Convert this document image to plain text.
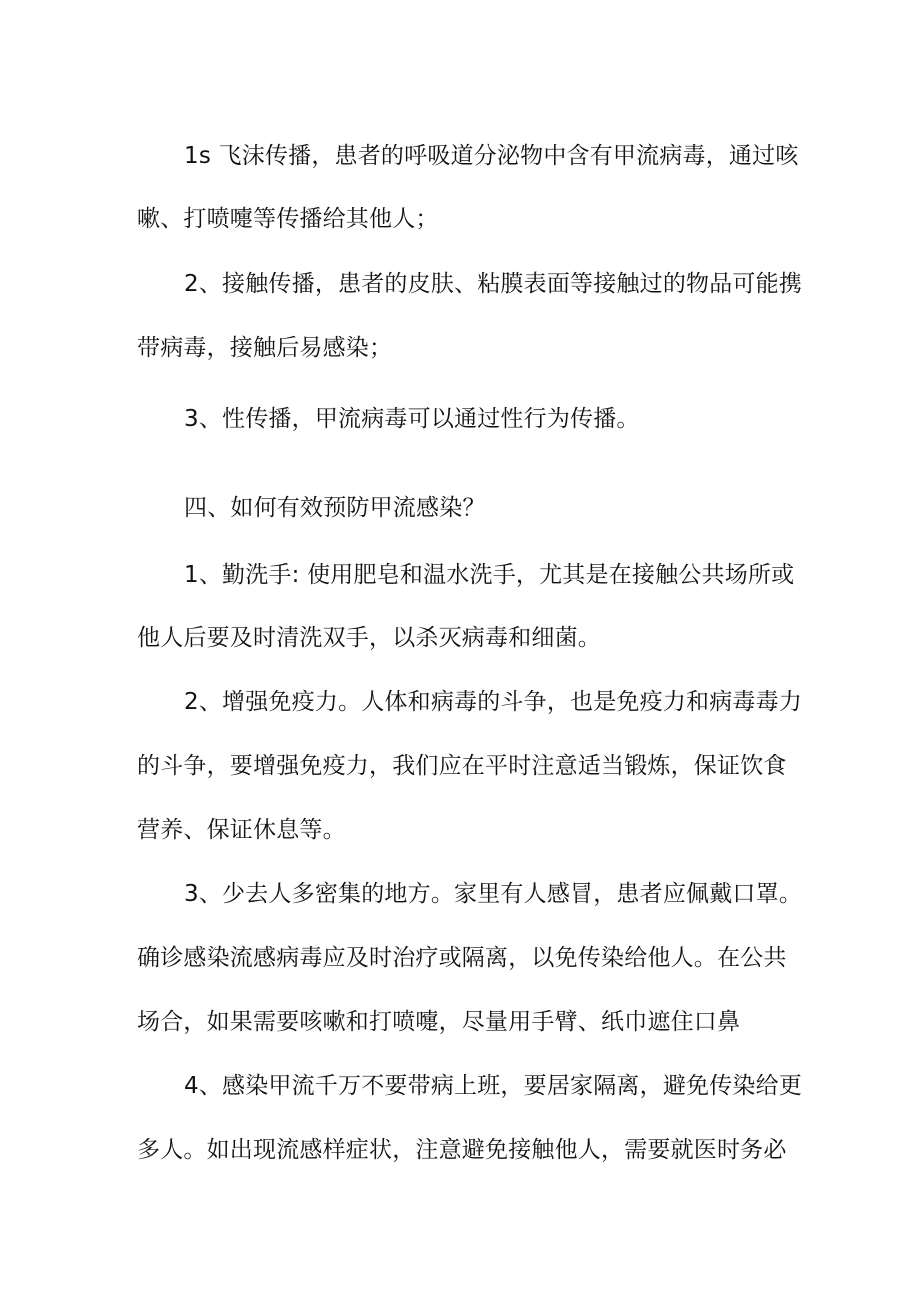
1s 飞沫传播，患者的呼吸道分泌物中含有甲流病毒，通过咳
嗽、打喷嚏等传播给其他人；
2、接触传播，患者的皮肤、粘膜表面等接触过的物品可能携
带病毒，接触后易感染；
3、性传播，甲流病毒可以通过性行为传播。
四、如何有效预防甲流感染？
1、勤洗手: 使用肥皂和温水洗手，尤其是在接触公共场所或
他人后要及时清洗双手，以杀灭病毒和细菌。
2、增强免疫力。人体和病毒的斗争，也是免疫力和病毒毒力
的斗争，要增强免疫力，我们应在平时注意适当锻炼，保证饮食
营养、保证休息等。
3、少去人多密集的地方。家里有人感冒，患者应佩戴口罩。
确诊感染流感病毒应及时治疗或隔离，以免传染给他人。在公共
场合，如果需要咳嗽和打喷嚏，尽量用手臂、纸巾遮住口鼻
4、感染甲流千万不要带病上班，要居家隔离，避免传染给更
多人。如出现流感样症状，注意避免接触他人，需要就医时务必
